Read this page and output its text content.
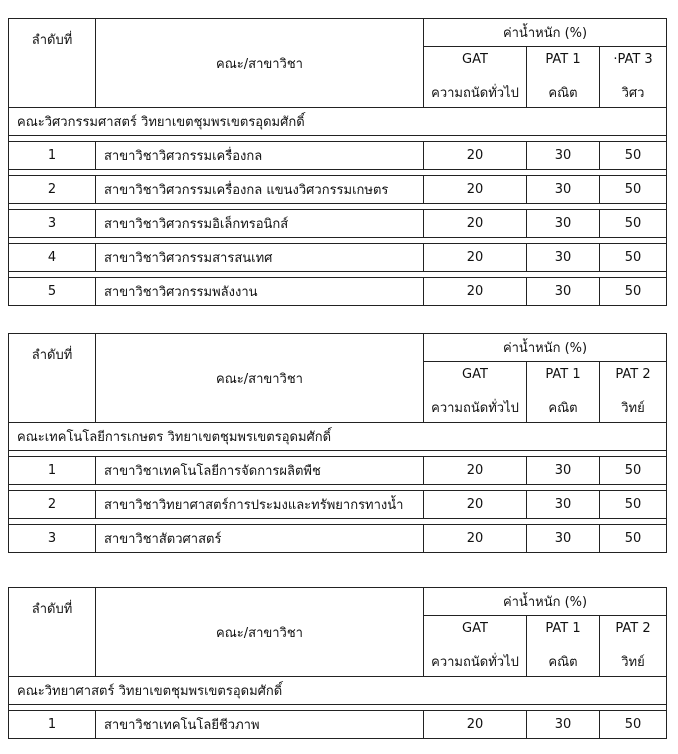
ลำดับที่	คณะ/สาขาวิชา	ค่าน้ำหนัก (%)		
		GAT	PAT 1	·PAT 3
		ความถนัดทั่วไป	คณิต	วิศว
คณะวิศวกรรมศาสตร์ วิทยาเขตชุมพรเขตรอุดมศักดิ์				

1	สาขาวิชาวิศวกรรมเครื่องกล	20	30	50

2	สาขาวิชาวิศวกรรมเครื่องกล แขนงวิศวกรรมเกษตร	20	30	50

3	สาขาวิชาวิศวกรรมอิเล็กทรอนิกส์	20	30	50

4	สาขาวิชาวิศวกรรมสารสนเทศ	20	30	50

5	สาขาวิชาวิศวกรรมพลังงาน	20	30	50
ลำดับที่	คณะ/สาขาวิชา	ค่าน้ำหนัก (%)		
		GAT	PAT 1	PAT 2
		ความถนัดทั่วไป	คณิต	วิทย์
คณะเทคโนโลยีการเกษตร วิทยาเขตชุมพรเขตรอุดมศักดิ์				

1	สาขาวิชาเทคโนโลยีการจัดการผลิตพืช	20	30	50

2	สาขาวิชาวิทยาศาสตร์การประมงและทรัพยากรทางน้ำ	20	30	50

3	สาขาวิชาสัตวศาสตร์	20	30	50
ลำดับที่	คณะ/สาขาวิชา	ค่าน้ำหนัก (%)		
		GAT	PAT 1	PAT 2
		ความถนัดทั่วไป	คณิต	วิทย์
คณะวิทยาศาสตร์ วิทยาเขตชุมพรเขตรอุดมศักดิ์				

1	สาขาวิชาเทคโนโลยีชีวภาพ	20	30	50
